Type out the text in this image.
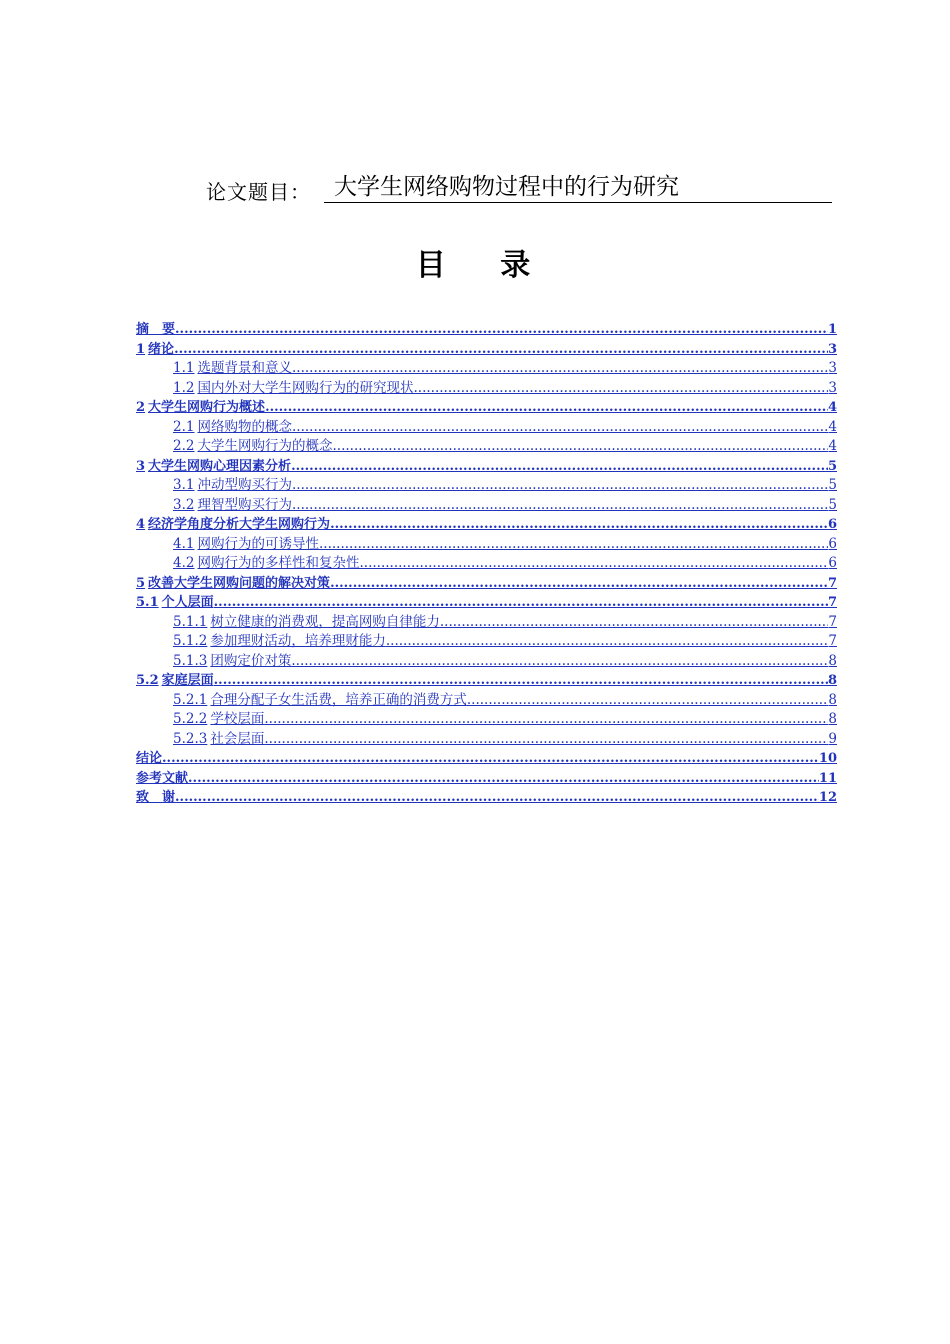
论文题目：	大学生网络购物过程中的行为研究
目 录
摘　要 .....	1
1 绪论 .....	3
1.1 选题背景和意义 .....	3
1.2 国内外对大学生网购行为的研究现状 .....	3
2 大学生网购行为概述 .....	4
2.1 网络购物的概念 .....	4
2.2 大学生网购行为的概念 .....	4
3 大学生网购心理因素分析 .....	5
3.1 冲动型购买行为 .....	5
3.2 理智型购买行为 .....	5
4 经济学角度分析大学生网购行为 .....	6
4.1 网购行为的可诱导性 .....	6
4.2 网购行为的多样性和复杂性 .....	6
5 改善大学生网购问题的解决对策 .....	7
5.1 个人层面 .....	7
5.1.1 树立健康的消费观，提高网购自律能力 .....	7
5.1.2 参加理财活动，培养理财能力 .....	7
5.1.3 团购定价对策 .....	8
5.2 家庭层面 .....	8
5.2.1 合理分配子女生活费，培养正确的消费方式 .....	8
5.2.2 学校层面 .....	8
5.2.3 社会层面 .....	9
结论 .....	10
参考文献 .....	11
致　谢 .....	12
